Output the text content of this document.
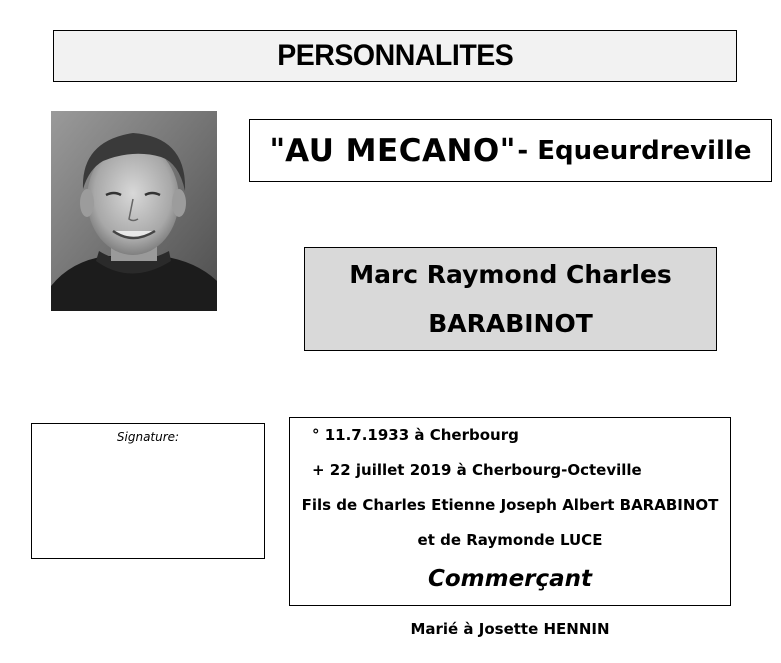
PERSONNALITES
" AU MECANO " - Equeurdreville
Marc Raymond Charles
BARABINOT
Signature:	° 11.7.1933 à Cherbourg
+ 22 juillet 2019 à Cherbourg-Octeville
Fils de Charles Etienne Joseph Albert BARABINOT
et de Raymonde LUCE
Commerçant
Marié à Josette HENNIN
